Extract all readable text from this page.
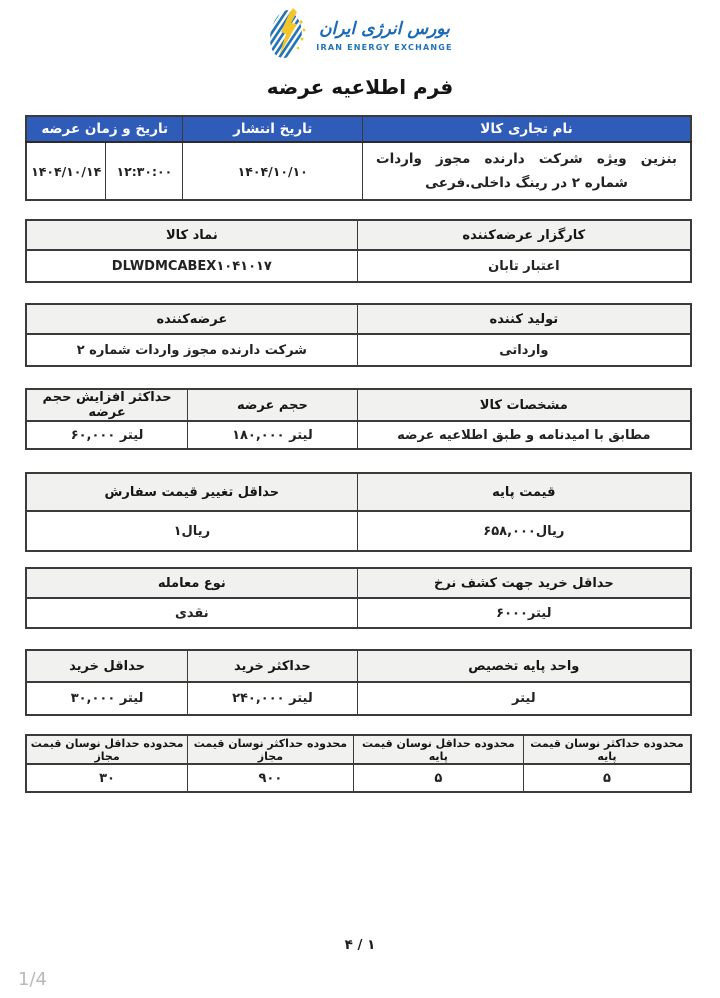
بورس انرژی ایران
IRAN ENERGY EXCHANGE
فرم اطلاعیه عرضه
نام تجاری کالا	تاریخ انتشار	تاریخ و زمان عرضه	
بنزین ویژه شرکت دارنده مجوز واردات شماره ۲ در رینگ داخلی.فرعی	۱۴۰۴/۱۰/۱۰	۱۲:۳۰:۰۰	۱۴۰۴/۱۰/۱۴
کارگزار عرضه‌کننده	نماد کالا
اعتبار تابان	DLWDMCABEX۱۰۴۱۰۱۷
تولید کننده	عرضه‌کننده
وارداتی	شرکت دارنده مجوز واردات شماره ۲
مشخصات کالا	حجم عرضه	حداکثر افزایش حجم عرضه
مطابق با امیدنامه و طبق اطلاعیه عرضه	لیتر ۱۸۰,۰۰۰	لیتر ۶۰,۰۰۰
قیمت پایه	حداقل تغییر قیمت سفارش
ریال۶۵۸,۰۰۰	ریال۱
حداقل خرید جهت کشف نرخ	نوع معامله
لیتر۶۰۰۰	نقدی
واحد پایه تخصیص	حداکثر خرید	حداقل خرید
لیتر	لیتر ۲۴۰,۰۰۰	لیتر ۳۰,۰۰۰
محدوده حداکثر نوسان قیمت پایه	محدوده حداقل نوسان قیمت پایه	محدوده حداکثر نوسان قیمت مجاز	محدوده حداقل نوسان قیمت مجاز
۵	۵	۹۰۰	۳۰
۱ / ۴
1/4
